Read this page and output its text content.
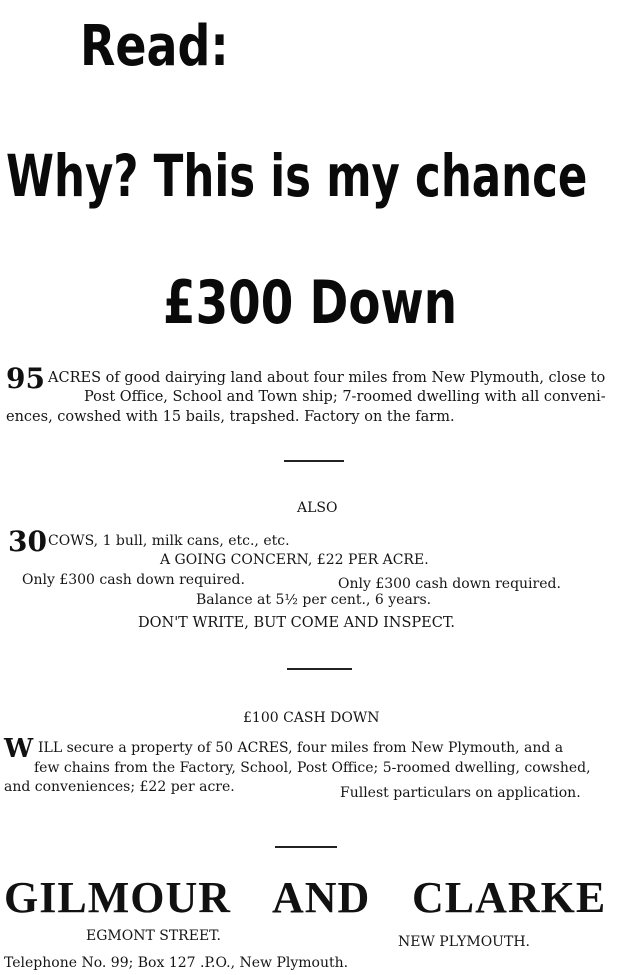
Read:
Why? This is my chance
£300 Down
95 ACRES of good dairying land about four miles from New Plymouth, close to
Post Office, School and Town ship; 7-roomed dwelling with all conveni-
ences, cowshed with 15 bails, trapshed. Factory on the farm.
ALSO
30 COWS, 1 bull, milk cans, etc., etc.
A GOING CONCERN, £22 PER ACRE.
Only £300 cash down required.	Only £300 cash down required.
Balance at 5½ per cent., 6 years.
DON'T WRITE, BUT COME AND INSPECT.
£100 CASH DOWN
W ILL secure a property of 50 ACRES, four miles from New Plymouth, and a
few chains from the Factory, School, Post Office; 5-roomed dwelling, cowshed,
and conveniences; £22 per acre.	Fullest particulars on application.
GILMOUR AND CLARKE
EGMONT STREET.	NEW PLYMOUTH.
Telephone No. 99; Box 127 .P.O., New Plymouth.
